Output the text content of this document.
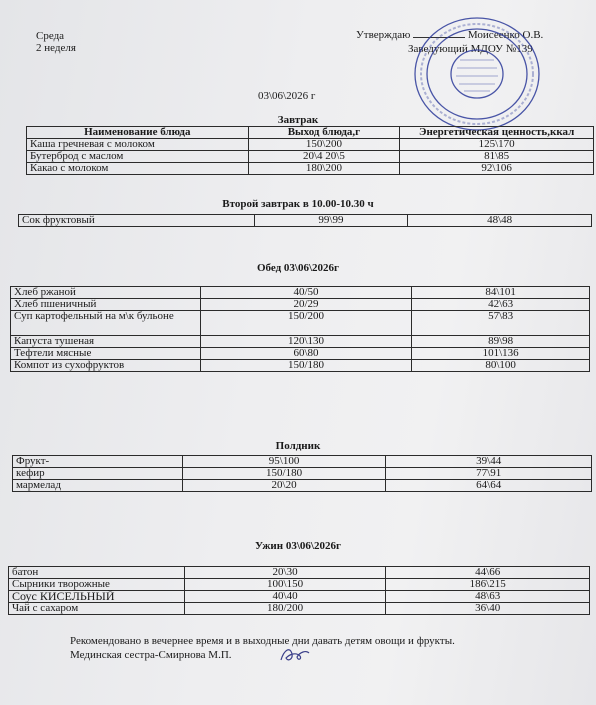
Среда
2 неделя
Утверждаю	Моисеенко О.В.
Заведующий МДОУ №139
03\06\2026 г
Завтрак
Наименование блюда	Выход блюда,г	Энергетическая ценность,ккал
Каша гречневая с молоком	150\200	125\170
Бутерброд с маслом	20\4 20\5	81\85
Какао с молоком	180\200	92\106
Второй завтрак в 10.00-10.30 ч
Сок фруктовый	99\99	48\48
Обед 03\06\2026г
Хлеб ржаной	40/50	84\101
Хлеб пшеничный	20/29	42\63
Суп картофельный на м\к бульоне	150/200	57\83
Капуста тушеная	120\130	89\98
Тефтели мясные	60\80	101\136
Компот из сухофруктов	150/180	80\100
Полдник
Фрукт-	95\100	39\44
кефир	150/180	77\91
мармелад	20\20	64\64
Ужин 03\06\2026г
батон	20\30	44\66
Сырники творожные	100\150	186\215
Соус КИСЕЛЬНЫЙ	40\40	48\63
Чай с сахаром	180/200	36\40
Рекомендовано в вечернее время и в выходные дни давать детям овощи и фрукты.
Мединская сестра-Смирнова М.П.
